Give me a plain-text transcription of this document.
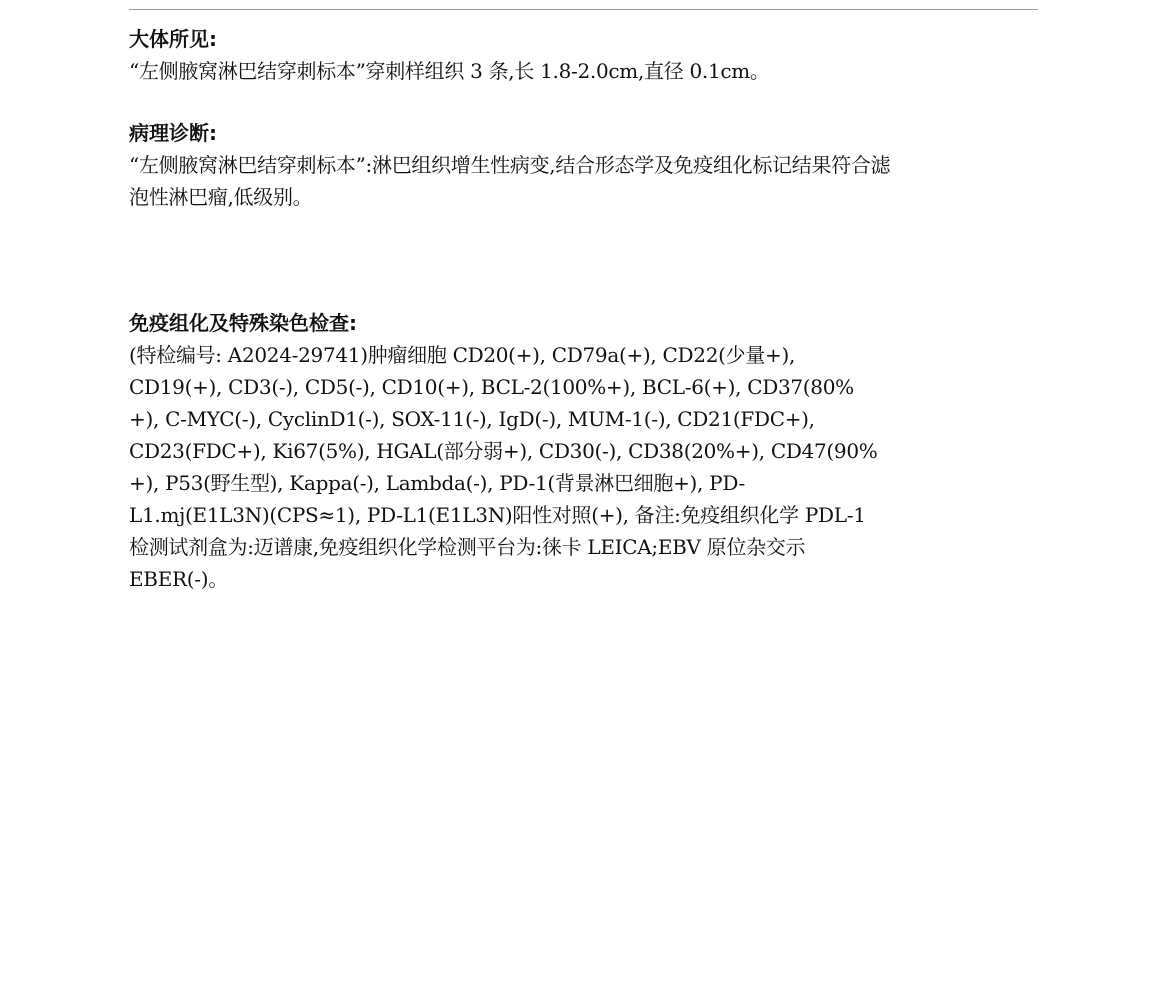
大体所见:
“左侧腋窝淋巴结穿刺标本”穿刺样组织 3 条,长 1.8-2.0cm,直径 0.1cm。
病理诊断:
“左侧腋窝淋巴结穿刺标本”:淋巴组织增生性病变,结合形态学及免疫组化标记结果符合滤
泡性淋巴瘤,低级别。
免疫组化及特殊染色检查:
(特检编号: A2024-29741)肿瘤细胞 CD20(+), CD79a(+), CD22(少量+),
CD19(+), CD3(-), CD5(-), CD10(+), BCL-2(100%+), BCL-6(+), CD37(80%
+), C-MYC(-), CyclinD1(-), SOX-11(-), IgD(-), MUM-1(-), CD21(FDC+),
CD23(FDC+), Ki67(5%), HGAL(部分弱+), CD30(-), CD38(20%+), CD47(90%
+), P53(野生型), Kappa(-), Lambda(-), PD-1(背景淋巴细胞+), PD-
L1.mj(E1L3N)(CPS≈1), PD-L1(E1L3N)阳性对照(+), 备注:免疫组织化学 PDL-1
检测试剂盒为:迈谱康,免疫组织化学检测平台为:徕卡 LEICA;EBV 原位杂交示
EBER(-)。
